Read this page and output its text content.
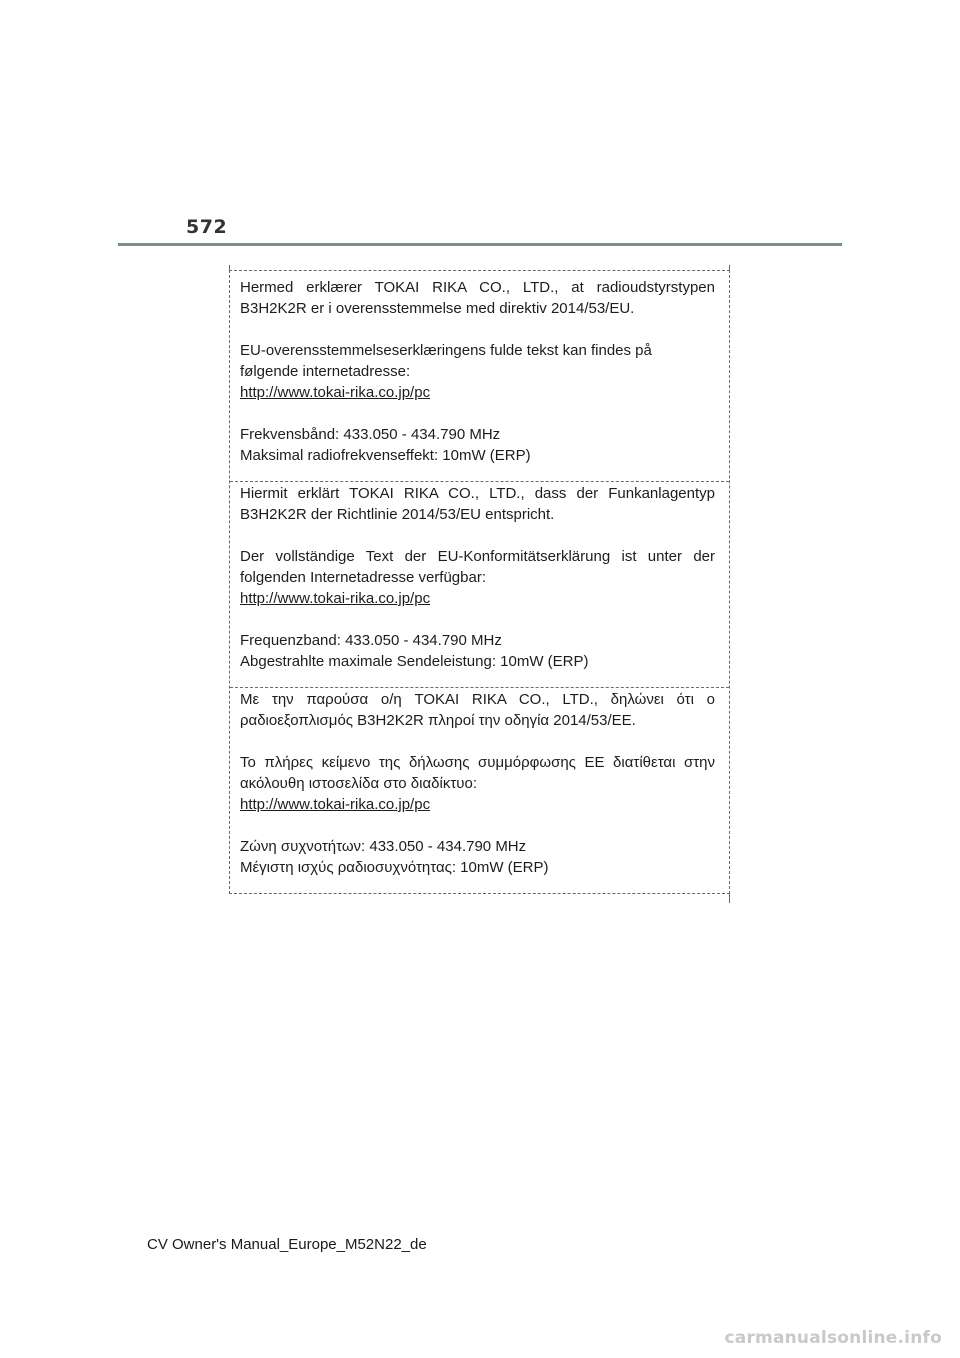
572

Hermed erklærer TOKAI RIKA CO., LTD., at radioudstyrstypen

B3H2K2R er i overensstemmelse med direktiv 2014/53/EU.

EU-overensstemmelseserklæringens fulde tekst kan findes på

følgende internetadresse:

http://www.tokai-rika.co.jp/pc

Frekvensbånd: 433.050 - 434.790 MHz

Maksimal radiofrekvenseffekt: 10mW (ERP)

Hiermit erklärt TOKAI RIKA CO., LTD., dass der Funkanlagentyp

B3H2K2R der Richtlinie 2014/53/EU entspricht.

Der vollständige Text der EU-Konformitätserklärung ist unter der

folgenden Internetadresse verfügbar:

http://www.tokai-rika.co.jp/pc

Frequenzband: 433.050 - 434.790 MHz

Abgestrahlte maximale Sendeleistung: 10mW (ERP)

Με την παρούσα ο/η TOKAI RIKA CO., LTD., δηλώνει ότι ο

ραδιοεξοπλισμός B3H2K2R πληροί την οδηγία 2014/53/ΕΕ.

Το πλήρες κείμενο της δήλωσης συμμόρφωσης ΕΕ διατίθεται στην

ακόλουθη ιστοσελίδα στο διαδίκτυο:

http://www.tokai-rika.co.jp/pc

Ζώνη συχνοτήτων: 433.050 - 434.790 MHz

Μέγιστη ισχύς ραδιοσυχνότητας: 10mW (ERP)

CV Owner's Manual_Europe_M52N22_de
carmanualsonline.info
